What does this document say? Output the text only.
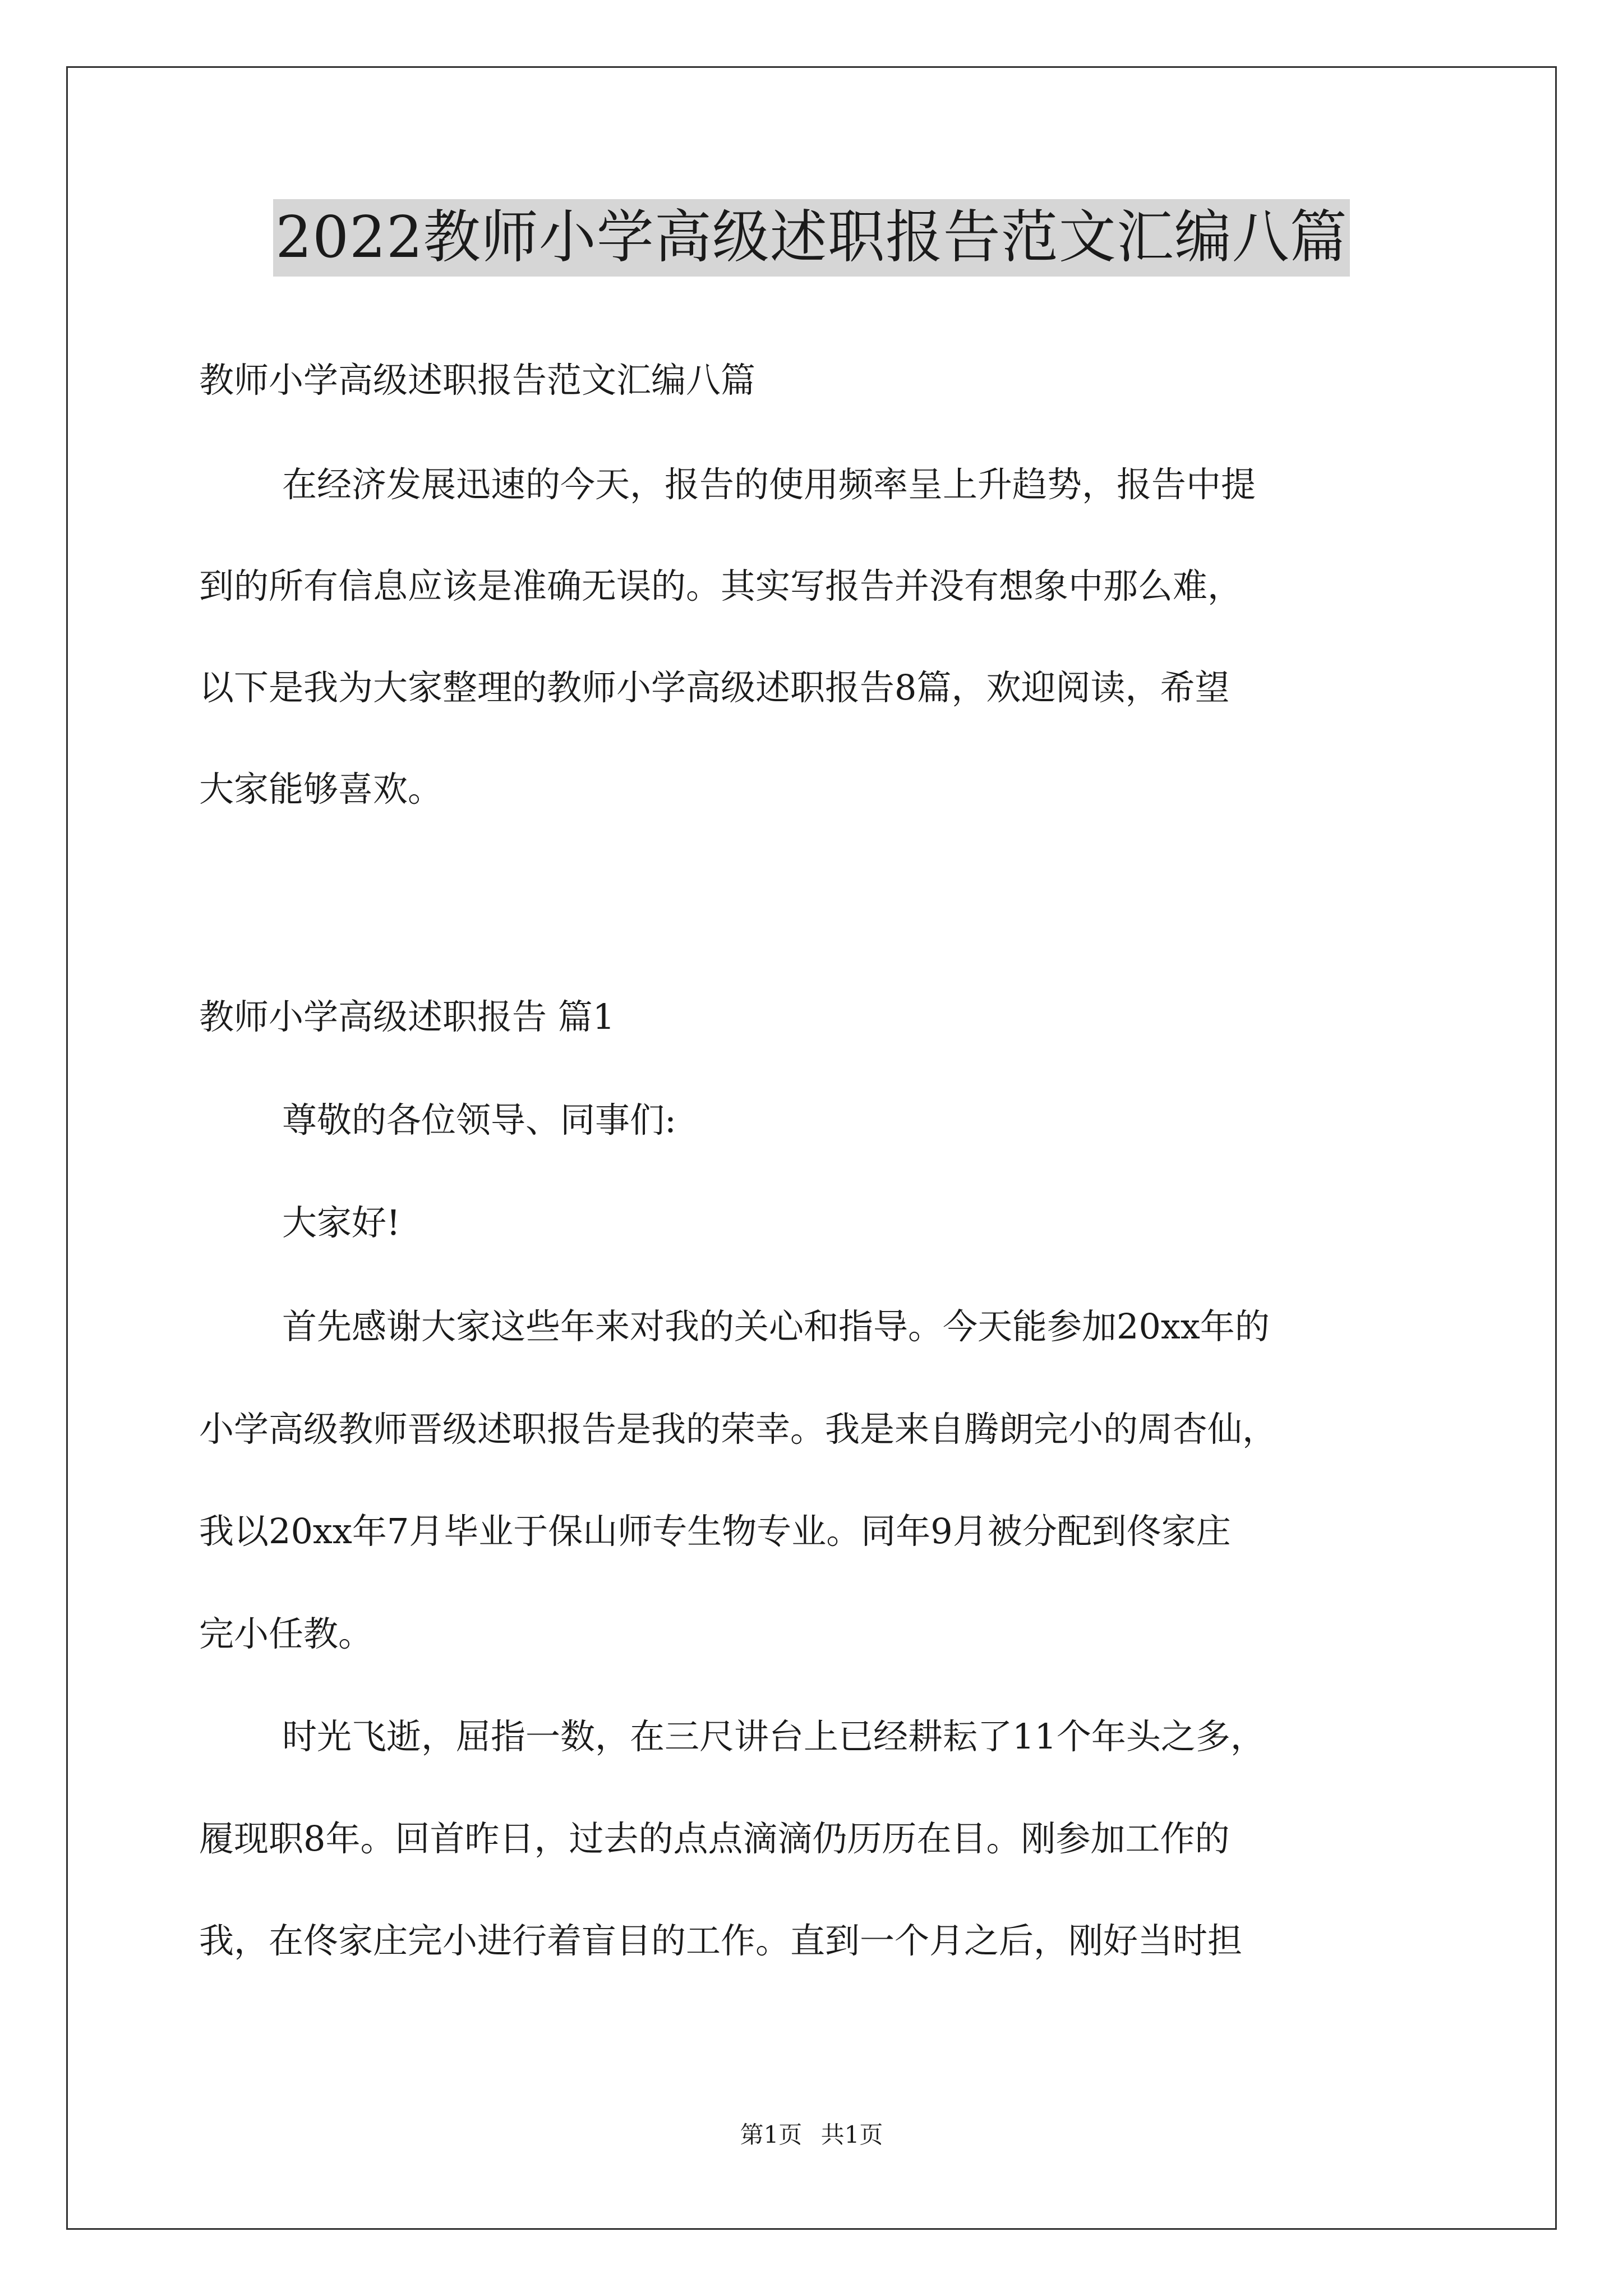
2022教师小学高级述职报告范文汇编八篇
教师小学高级述职报告范文汇编八篇
在经济发展迅速的今天，报告的使用频率呈上升趋势，报告中提
到的所有信息应该是准确无误的。其实写报告并没有想象中那么难，
以下是我为大家整理的教师小学高级述职报告8篇，欢迎阅读，希望
大家能够喜欢。
教师小学高级述职报告 篇1
尊敬的各位领导、同事们:
大家好!
首先感谢大家这些年来对我的关心和指导。今天能参加20xx年的
小学高级教师晋级述职报告是我的荣幸。我是来自腾朗完小的周杏仙，
我以20xx年7月毕业于保山师专生物专业。同年9月被分配到佟家庄
完小任教。
时光飞逝，屈指一数，在三尺讲台上已经耕耘了11个年头之多，
履现职8年。回首昨日，过去的点点滴滴仍历历在目。刚参加工作的
我，在佟家庄完小进行着盲目的工作。直到一个月之后，刚好当时担
第1页 共1页
